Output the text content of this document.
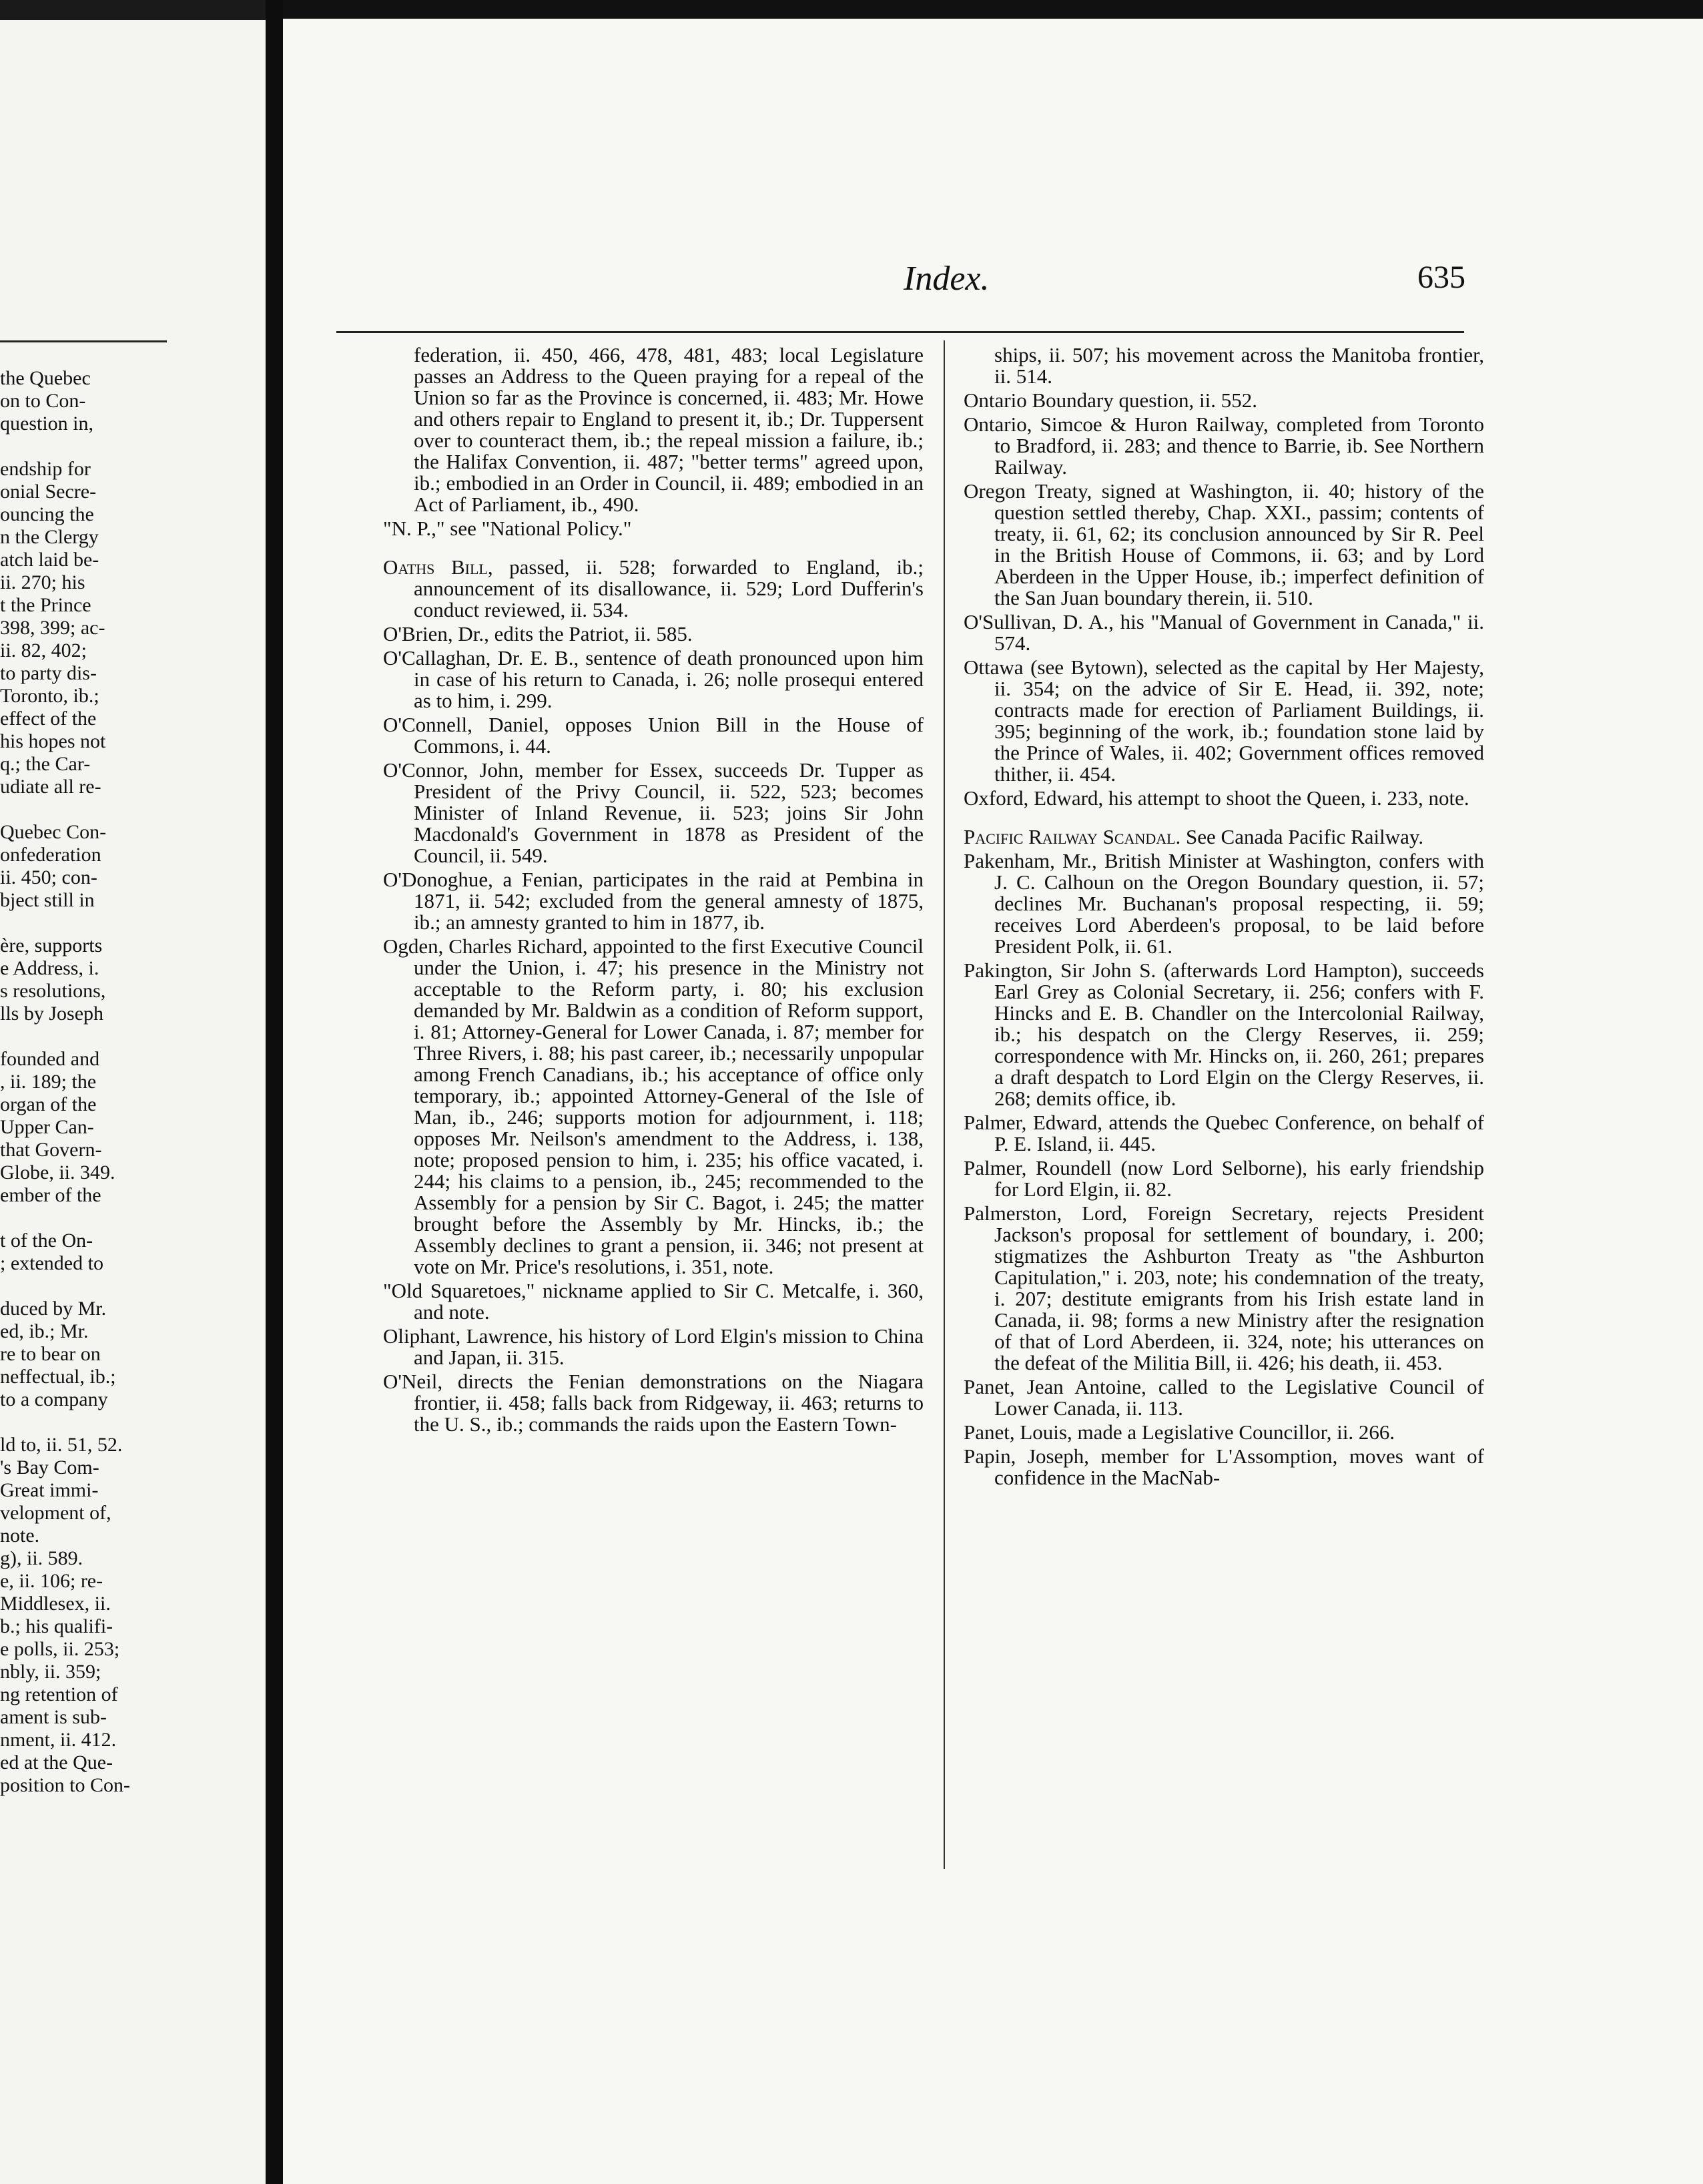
the Quebec
on to Con-
question in,
endship for
onial Secre-
ouncing the
n the Clergy
atch laid be-
ii. 270; his
t the Prince
398, 399; ac-
ii. 82, 402;
to party dis-
Toronto, ib.;
effect of the
his hopes not
q.; the Car-
udiate all re-
Quebec Con-
onfederation
ii. 450; con-
bject still in
ère, supports
e Address, i.
s resolutions,
lls by Joseph
founded and
, ii. 189; the
organ of the
Upper Can-
that Govern-
Globe, ii. 349.
ember of the
t of the On-
; extended to
duced by Mr.
ed, ib.; Mr.
re to bear on
neffectual, ib.;
to a company
ld to, ii. 51, 52.
's Bay Com-
Great immi-
velopment of,
note.
g), ii. 589.
e, ii. 106; re-
Middlesex, ii.
b.; his qualifi-
e polls, ii. 253;
nbly, ii. 359;
ng retention of
ament is sub-
nment, ii. 412.
ed at the Que-
position to Con-
Index.	635
federation, ii. 450, 466, 478, 481, 483; local Legislature passes an Address to the Queen praying for a repeal of the Union so far as the Province is concerned, ii. 483; Mr. Howe and others repair to England to present it, ib.; Dr. Tuppersent over to counteract them, ib.; the repeal mission a failure, ib.; the Halifax Convention, ii. 487; "better terms" agreed upon, ib.; embodied in an Order in Council, ii. 489; embodied in an Act of Parliament, ib., 490.
"N. P.," see "National Policy."
Oaths Bill, passed, ii. 528; forwarded to England, ib.; announcement of its disallowance, ii. 529; Lord Dufferin's conduct reviewed, ii. 534.
O'Brien, Dr., edits the Patriot, ii. 585.
O'Callaghan, Dr. E. B., sentence of death pronounced upon him in case of his return to Canada, i. 26; nolle prosequi entered as to him, i. 299.
O'Connell, Daniel, opposes Union Bill in the House of Commons, i. 44.
O'Connor, John, member for Essex, succeeds Dr. Tupper as President of the Privy Council, ii. 522, 523; becomes Minister of Inland Revenue, ii. 523; joins Sir John Macdonald's Government in 1878 as President of the Council, ii. 549.
O'Donoghue, a Fenian, participates in the raid at Pembina in 1871, ii. 542; excluded from the general amnesty of 1875, ib.; an amnesty granted to him in 1877, ib.
Ogden, Charles Richard, appointed to the first Executive Council under the Union, i. 47; his presence in the Ministry not acceptable to the Reform party, i. 80; his exclusion demanded by Mr. Baldwin as a condition of Reform support, i. 81; Attorney-General for Lower Canada, i. 87; member for Three Rivers, i. 88; his past career, ib.; necessarily unpopular among French Canadians, ib.; his acceptance of office only temporary, ib.; appointed Attorney-General of the Isle of Man, ib., 246; supports motion for adjournment, i. 118; opposes Mr. Neilson's amendment to the Address, i. 138, note; proposed pension to him, i. 235; his office vacated, i. 244; his claims to a pension, ib., 245; recommended to the Assembly for a pension by Sir C. Bagot, i. 245; the matter brought before the Assembly by Mr. Hincks, ib.; the Assembly declines to grant a pension, ii. 346; not present at vote on Mr. Price's resolutions, i. 351, note.
"Old Squaretoes," nickname applied to Sir C. Metcalfe, i. 360, and note.
Oliphant, Lawrence, his history of Lord Elgin's mission to China and Japan, ii. 315.
O'Neil, directs the Fenian demonstrations on the Niagara frontier, ii. 458; falls back from Ridgeway, ii. 463; returns to the U. S., ib.; commands the raids upon the Eastern Town-
ships, ii. 507; his movement across the Manitoba frontier, ii. 514.
Ontario Boundary question, ii. 552.
Ontario, Simcoe & Huron Railway, completed from Toronto to Bradford, ii. 283; and thence to Barrie, ib. See Northern Railway.
Oregon Treaty, signed at Washington, ii. 40; history of the question settled thereby, Chap. XXI., passim; contents of treaty, ii. 61, 62; its conclusion announced by Sir R. Peel in the British House of Commons, ii. 63; and by Lord Aberdeen in the Upper House, ib.; imperfect definition of the San Juan boundary therein, ii. 510.
O'Sullivan, D. A., his "Manual of Government in Canada," ii. 574.
Ottawa (see Bytown), selected as the capital by Her Majesty, ii. 354; on the advice of Sir E. Head, ii. 392, note; contracts made for erection of Parliament Buildings, ii. 395; beginning of the work, ib.; foundation stone laid by the Prince of Wales, ii. 402; Government offices removed thither, ii. 454.
Oxford, Edward, his attempt to shoot the Queen, i. 233, note.
Pacific Railway Scandal. See Canada Pacific Railway.
Pakenham, Mr., British Minister at Washington, confers with J. C. Calhoun on the Oregon Boundary question, ii. 57; declines Mr. Buchanan's proposal respecting, ii. 59; receives Lord Aberdeen's proposal, to be laid before President Polk, ii. 61.
Pakington, Sir John S. (afterwards Lord Hampton), succeeds Earl Grey as Colonial Secretary, ii. 256; confers with F. Hincks and E. B. Chandler on the Intercolonial Railway, ib.; his despatch on the Clergy Reserves, ii. 259; correspondence with Mr. Hincks on, ii. 260, 261; prepares a draft despatch to Lord Elgin on the Clergy Reserves, ii. 268; demits office, ib.
Palmer, Edward, attends the Quebec Conference, on behalf of P. E. Island, ii. 445.
Palmer, Roundell (now Lord Selborne), his early friendship for Lord Elgin, ii. 82.
Palmerston, Lord, Foreign Secretary, rejects President Jackson's proposal for settlement of boundary, i. 200; stigmatizes the Ashburton Treaty as "the Ashburton Capitulation," i. 203, note; his condemnation of the treaty, i. 207; destitute emigrants from his Irish estate land in Canada, ii. 98; forms a new Ministry after the resignation of that of Lord Aberdeen, ii. 324, note; his utterances on the defeat of the Militia Bill, ii. 426; his death, ii. 453.
Panet, Jean Antoine, called to the Legislative Council of Lower Canada, ii. 113.
Panet, Louis, made a Legislative Councillor, ii. 266.
Papin, Joseph, member for L'Assomption, moves want of confidence in the MacNab-
